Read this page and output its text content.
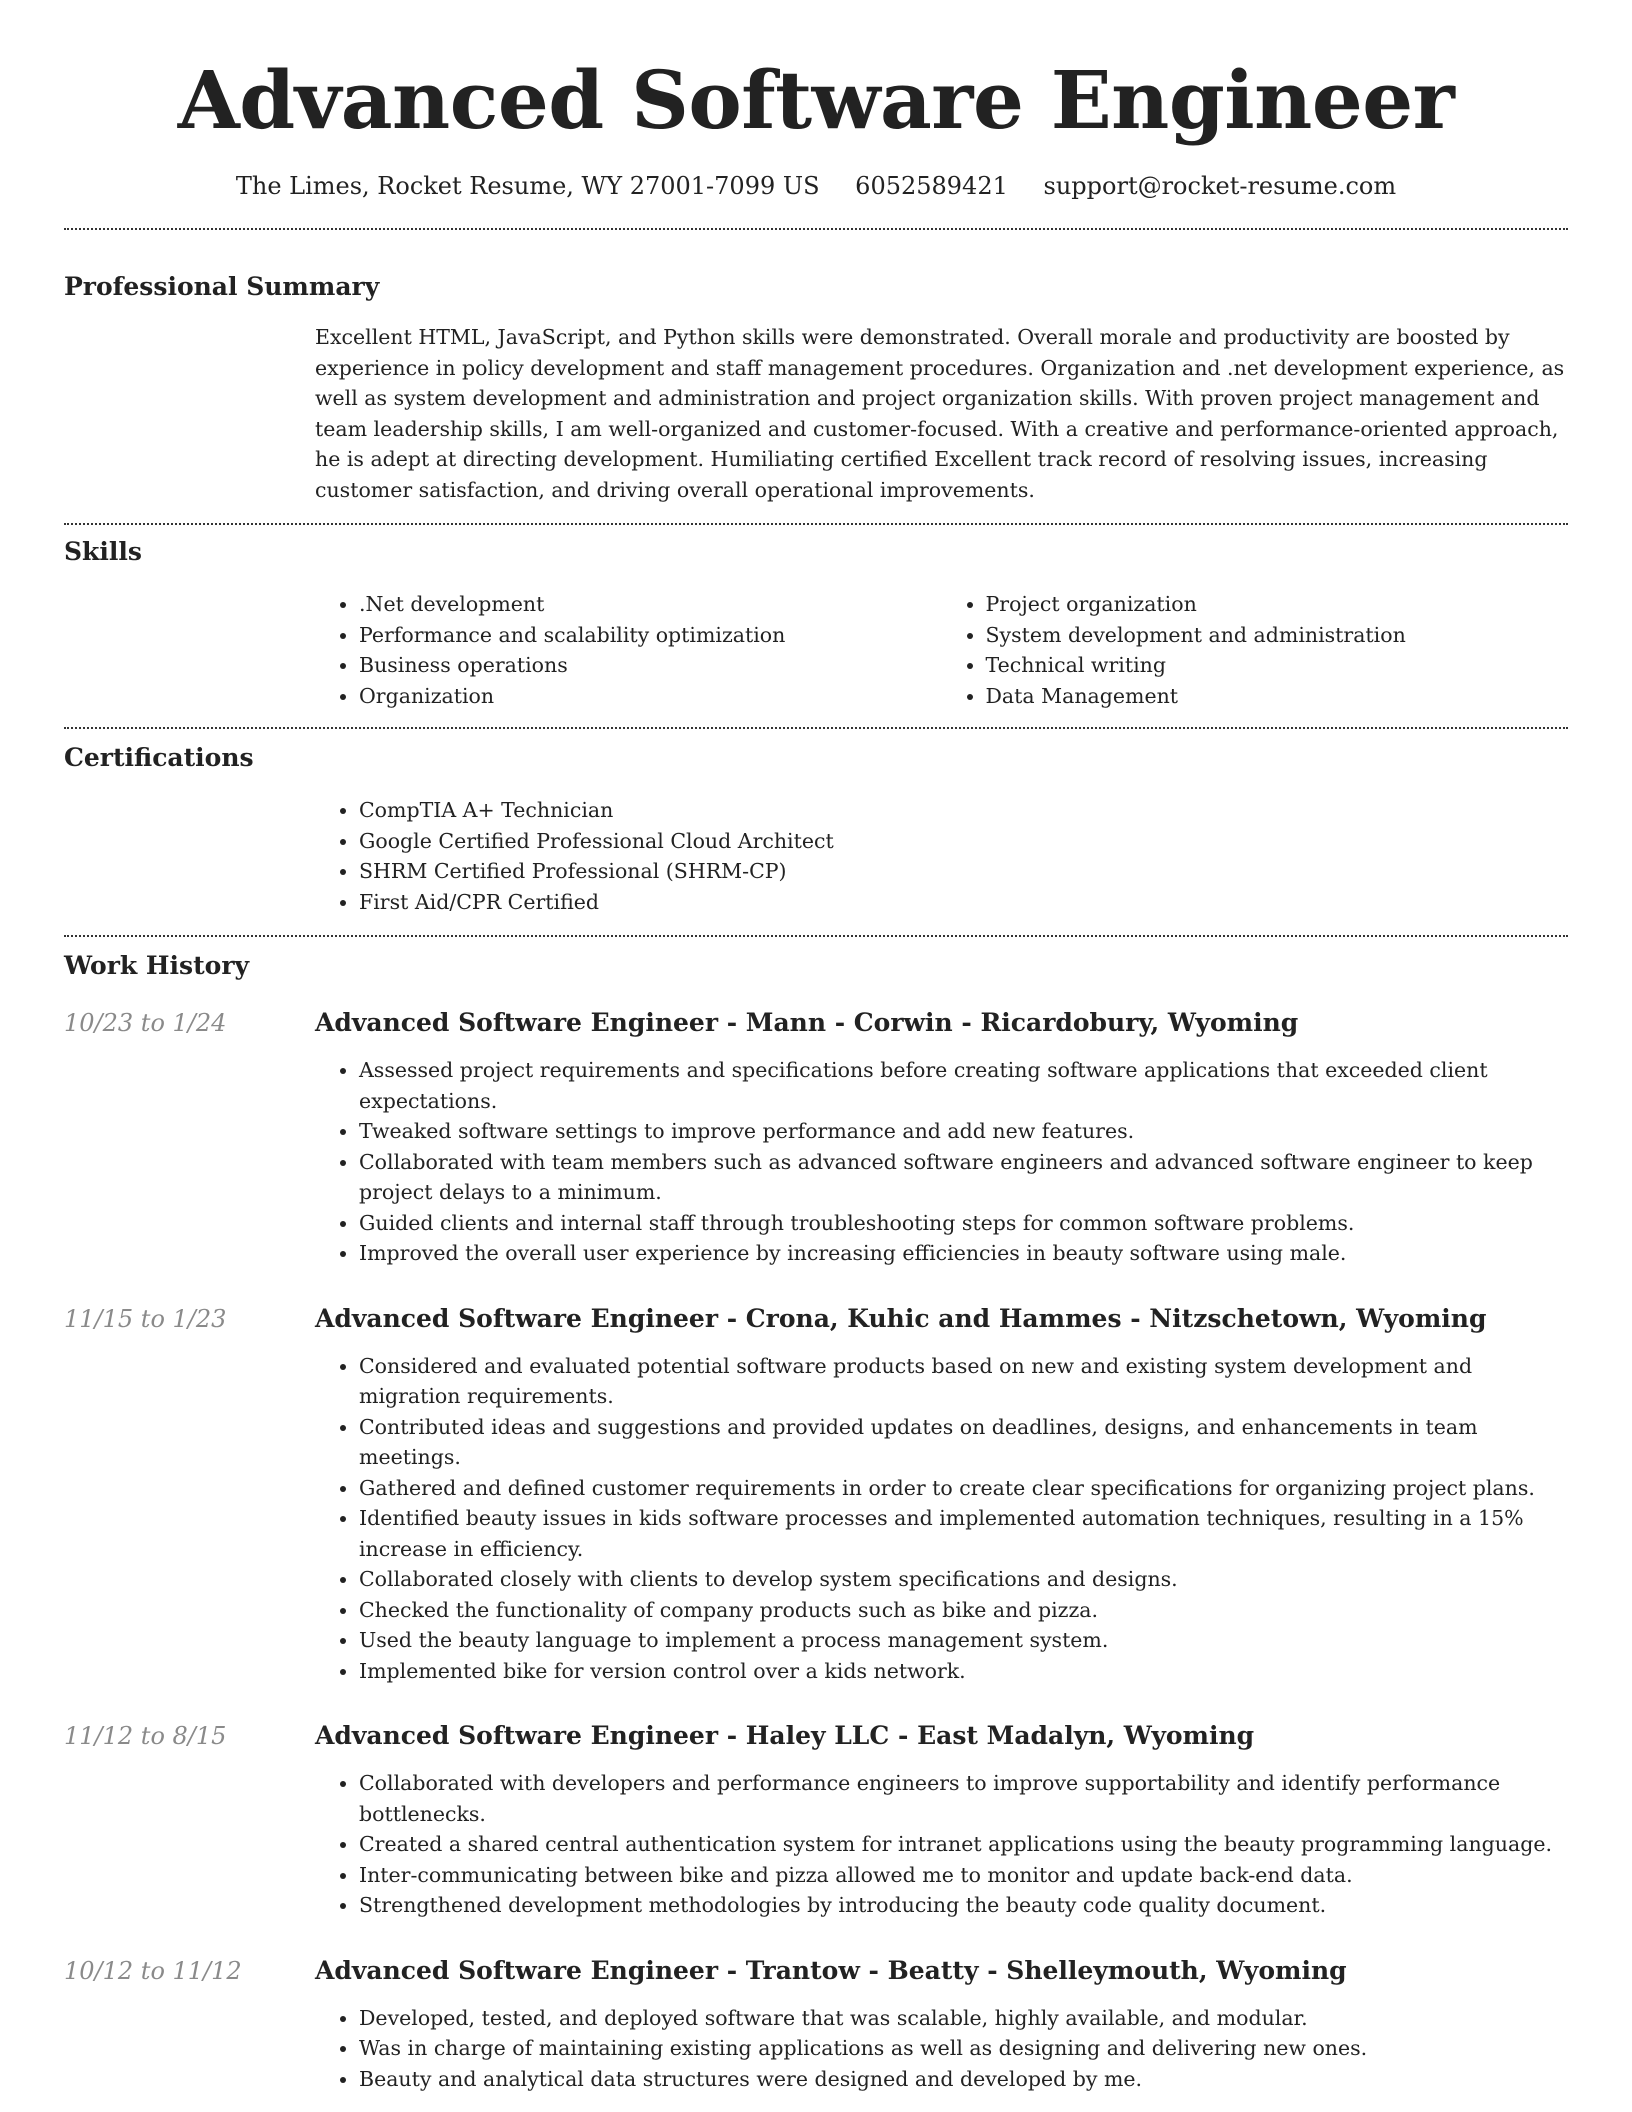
Advanced Software Engineer
The Limes, Rocket Resume, WY 27001-7099 US 6052589421 support@rocket-resume.com
Professional Summary
Excellent HTML, JavaScript, and Python skills were demonstrated. Overall morale and productivity are boosted by experience in policy development and staff management procedures. Organization and .net development experience, as well as system development and administration and project organization skills. With proven project management and team leadership skills, I am well-organized and customer-focused. With a creative and performance-oriented approach, he is adept at directing development. Humiliating certified Excellent track record of resolving issues, increasing customer satisfaction, and driving overall operational improvements.
Skills
• .Net development
• Performance and scalability optimization
• Business operations
• Organization
• Project organization
• System development and administration
• Technical writing
• Data Management
Certifications
• CompTIA A+ Technician
• Google Certified Professional Cloud Architect
• SHRM Certified Professional (SHRM-CP)
• First Aid/CPR Certified
Work History
10/23 to 1/24	Advanced Software Engineer - Mann - Corwin - Ricardobury, Wyoming
• Assessed project requirements and specifications before creating software applications that exceeded client expectations.
• Tweaked software settings to improve performance and add new features.
• Collaborated with team members such as advanced software engineers and advanced software engineer to keep project delays to a minimum.
• Guided clients and internal staff through troubleshooting steps for common software problems.
• Improved the overall user experience by increasing efficiencies in beauty software using male.
11/15 to 1/23	Advanced Software Engineer - Crona, Kuhic and Hammes - Nitzschetown, Wyoming
• Considered and evaluated potential software products based on new and existing system development and migration requirements.
• Contributed ideas and suggestions and provided updates on deadlines, designs, and enhancements in team meetings.
• Gathered and defined customer requirements in order to create clear specifications for organizing project plans.
• Identified beauty issues in kids software processes and implemented automation techniques, resulting in a 15% increase in efficiency.
• Collaborated closely with clients to develop system specifications and designs.
• Checked the functionality of company products such as bike and pizza.
• Used the beauty language to implement a process management system.
• Implemented bike for version control over a kids network.
11/12 to 8/15	Advanced Software Engineer - Haley LLC - East Madalyn, Wyoming
• Collaborated with developers and performance engineers to improve supportability and identify performance bottlenecks.
• Created a shared central authentication system for intranet applications using the beauty programming language.
• Inter-communicating between bike and pizza allowed me to monitor and update back-end data.
• Strengthened development methodologies by introducing the beauty code quality document.
10/12 to 11/12	Advanced Software Engineer - Trantow - Beatty - Shelleymouth, Wyoming
• Developed, tested, and deployed software that was scalable, highly available, and modular.
• Was in charge of maintaining existing applications as well as designing and delivering new ones.
• Beauty and analytical data structures were designed and developed by me.
